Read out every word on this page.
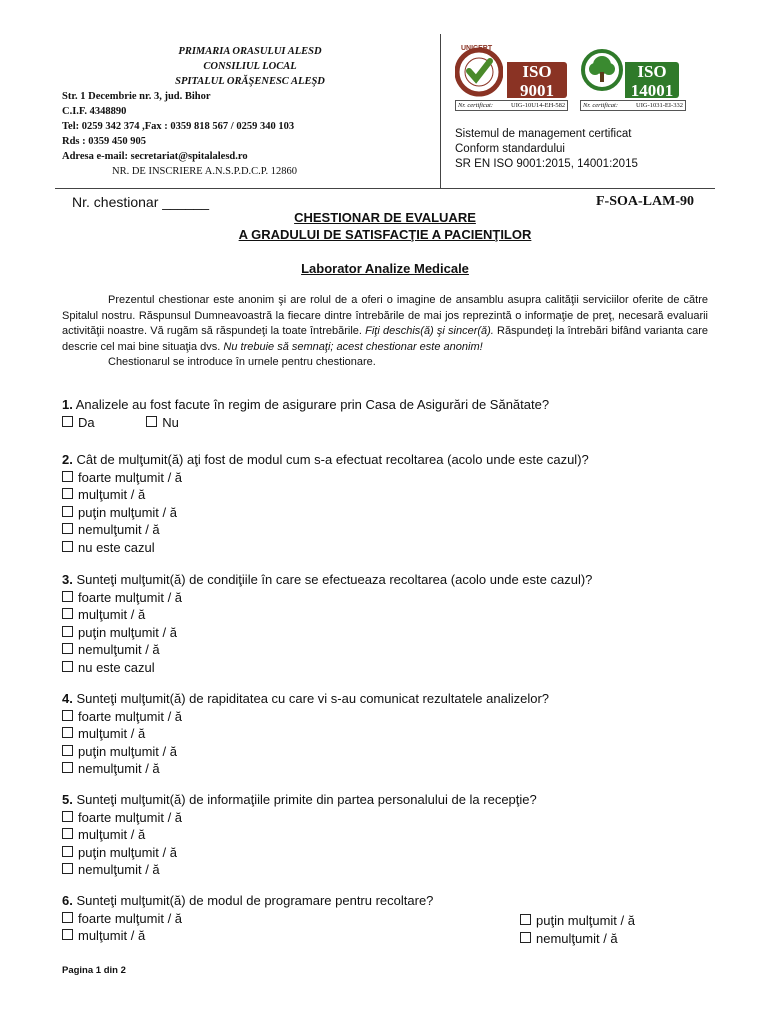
PRIMARIA ORASULUI ALESD
CONSILIUL LOCAL
SPITALUL ORĂŞENESC ALEŞD
Str. 1 Decembrie nr. 3, jud. Bihor
C.I.F. 4348890
Tel: 0259 342 374 ,Fax : 0359 818 567 / 0259 340 103
Rds : 0359 450 905
Adresa e-mail: secretariat@spitalalesd.ro
NR. DE INSCRIERE A.N.S.P.D.C.P. 12860
UNICERT
ISO
9001
Nr. certificat:	UIG-10U14-EH-582
ISO
14001
Nr. certificat:	UIG-1031-EI-332
Sistemul de management certificat
Conform standardului
SR EN ISO 9001:2015, 14001:2015
Nr. chestionar ______	F-SOA-LAM-90
CHESTIONAR DE EVALUARE
A GRADULUI DE SATISFACŢIE A PACIENŢILOR
Laborator Analize Medicale

Prezentul chestionar este anonim şi are rolul de a oferi o imagine de ansamblu asupra calităţii serviciilor oferite de către Spitalul nostru. Răspunsul Dumneavoastră la fiecare dintre întrebările de mai jos reprezintă o informaţie de preţ, necesară evaluarii activităţii noastre. Vă rugăm să răspundeţi la toate întrebările. Fiţi deschis(ă) şi sincer(ă). Răspundeţi la întrebări bifând varianta care descrie cel mai bine situaţia dvs. Nu trebuie să semnaţi; acest chestionar este anonim!

Chestionarul se introduce în urnele pentru chestionare.

1. Analizele au fost facute în regim de asigurare prin Casa de Asigurări de Sănătate?
Da	Nu
2. Cât de mulţumit(ă) aţi fost de modul cum s-a efectuat recoltarea (acolo unde este cazul)?
foarte mulţumit / ă
mulţumit / ă
puţin mulţumit / ă
nemulţumit / ă
nu este cazul
3. Sunteţi mulţumit(ă) de condiţiile în care se efectueaza recoltarea (acolo unde este cazul)?
foarte mulţumit / ă
mulţumit / ă
puţin mulţumit / ă
nemulţumit / ă
nu este cazul
4. Sunteţi mulţumit(ă) de rapiditatea cu care vi s-au comunicat rezultatele analizelor?
foarte mulţumit / ă
mulţumit / ă
puţin mulţumit / ă
nemulţumit / ă
5. Sunteţi mulţumit(ă) de informaţiile primite din partea personalului de la recepţie?
foarte mulţumit / ă
mulţumit / ă
puţin mulţumit / ă
nemulţumit / ă
6. Sunteţi mulţumit(ă) de modul de programare pentru recoltare?
foarte mulţumit / ă
mulţumit / ă
puţin mulţumit / ă
nemulţumit / ă
Pagina 1 din 2
